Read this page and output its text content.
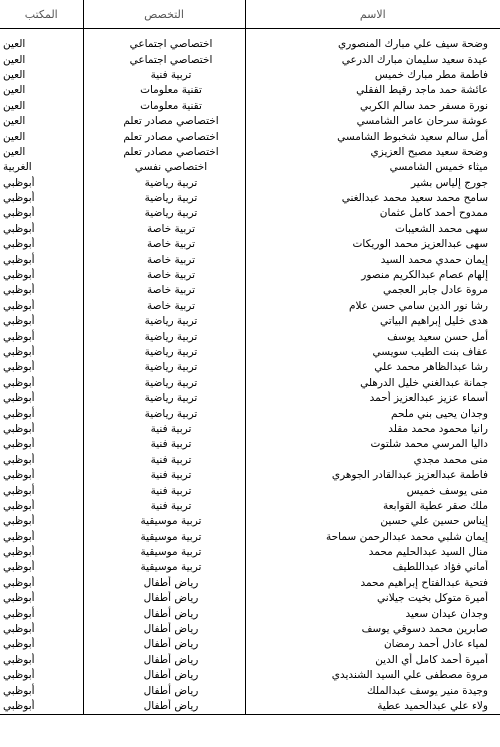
الاسم	التخصص	المكتب

وضحة سيف علي مبارك المنصوري	اختصاصي اجتماعي	العين
عيدة سعيد سليمان مبارك الدرعي	اختصاصي اجتماعي	العين
فاطمة مطر مبارك خميس	تربية فنية	العين
عائشة حمد ماجد رقيط الفقلي	تقنية معلومات	العين
نورة مسفر حمد سالم الكربي	تقنية معلومات	العين
عوشة سرحان عامر الشامسي	اختصاصي مصادر تعلم	العين
أمل سالم سعيد شخبوط الشامسي	اختصاصي مصادر تعلم	العين
وضحة سعيد مصبح العزيزي	اختصاصي مصادر تعلم	العين
ميثاء خميس الشامسي	اختصاصي نفسي	الغربية
جورج إلياس بشير	تربية رياضية	أبوظبي
سامح محمد سعيد محمد عبدالغني	تربية رياضية	أبوظبي
ممدوح أحمد كامل عثمان	تربية رياضية	أبوظبي
سهى محمد الشعيبات	تربية خاصة	أبوظبي
سهى عبدالعزيز محمد الوريكات	تربية خاصة	أبوظبي
إيمان حمدي محمد السيد	تربية خاصة	أبوظبي
إلهام عصام عبدالكريم منصور	تربية خاصة	أبوظبي
مروة عادل جابر العجمي	تربية خاصة	أبوظبي
رشا نور الدين سامي حسن علام	تربية خاصة	أبوظبي
هدى خليل إبراهيم البياتي	تربية رياضية	أبوظبي
أمل حسن سعيد يوسف	تربية رياضية	أبوظبي
عفاف بنت الطيب سويسي	تربية رياضية	أبوظبي
رشا عبدالظاهر محمد علي	تربية رياضية	أبوظبي
جمانة عبدالغني خليل الدرهلي	تربية رياضية	أبوظبي
أسماء عزيز عبدالعزيز أحمد	تربية رياضية	أبوظبي
وجدان يحيى بني ملحم	تربية رياضية	أبوظبي
رانيا محمود محمد مقلد	تربية فنية	أبوظبي
داليا المرسي محمد شلتوت	تربية فنية	أبوظبي
منى محمد مجدي	تربية فنية	أبوظبي
فاطمة عبدالعزيز عبدالقادر الجوهري	تربية فنية	أبوظبي
منى يوسف خميس	تربية فنية	أبوظبي
ملك صقر عطية القوابعة	تربية فنية	أبوظبي
إيناس حسين علي حسين	تربية موسيقية	أبوظبي
إيمان شلبي محمد عبدالرحمن سماحة	تربية موسيقية	أبوظبي
منال السيد عبدالحليم محمد	تربية موسيقية	أبوظبي
أماني فؤاد عبداللطيف	تربية موسيقية	أبوظبي
فتحية عبدالفتاح إبراهيم محمد	رياض أطفال	أبوظبي
أميرة متوكل بخيت جيلاني	رياض أطفال	أبوظبي
وجدان عيدان سعيد	رياض أطفال	أبوظبي
صابرين محمد دسوقي يوسف	رياض أطفال	أبوظبي
لمياء عادل أحمد رمضان	رياض أطفال	أبوظبي
أميرة أحمد كامل أي الدين	رياض أطفال	أبوظبي
مروة مصطفى علي السيد الشنديدي	رياض أطفال	أبوظبي
وجيدة منير يوسف عبدالملك	رياض أطفال	أبوظبي
ولاء علي عبدالحميد عطية	رياض أطفال	أبوظبي
